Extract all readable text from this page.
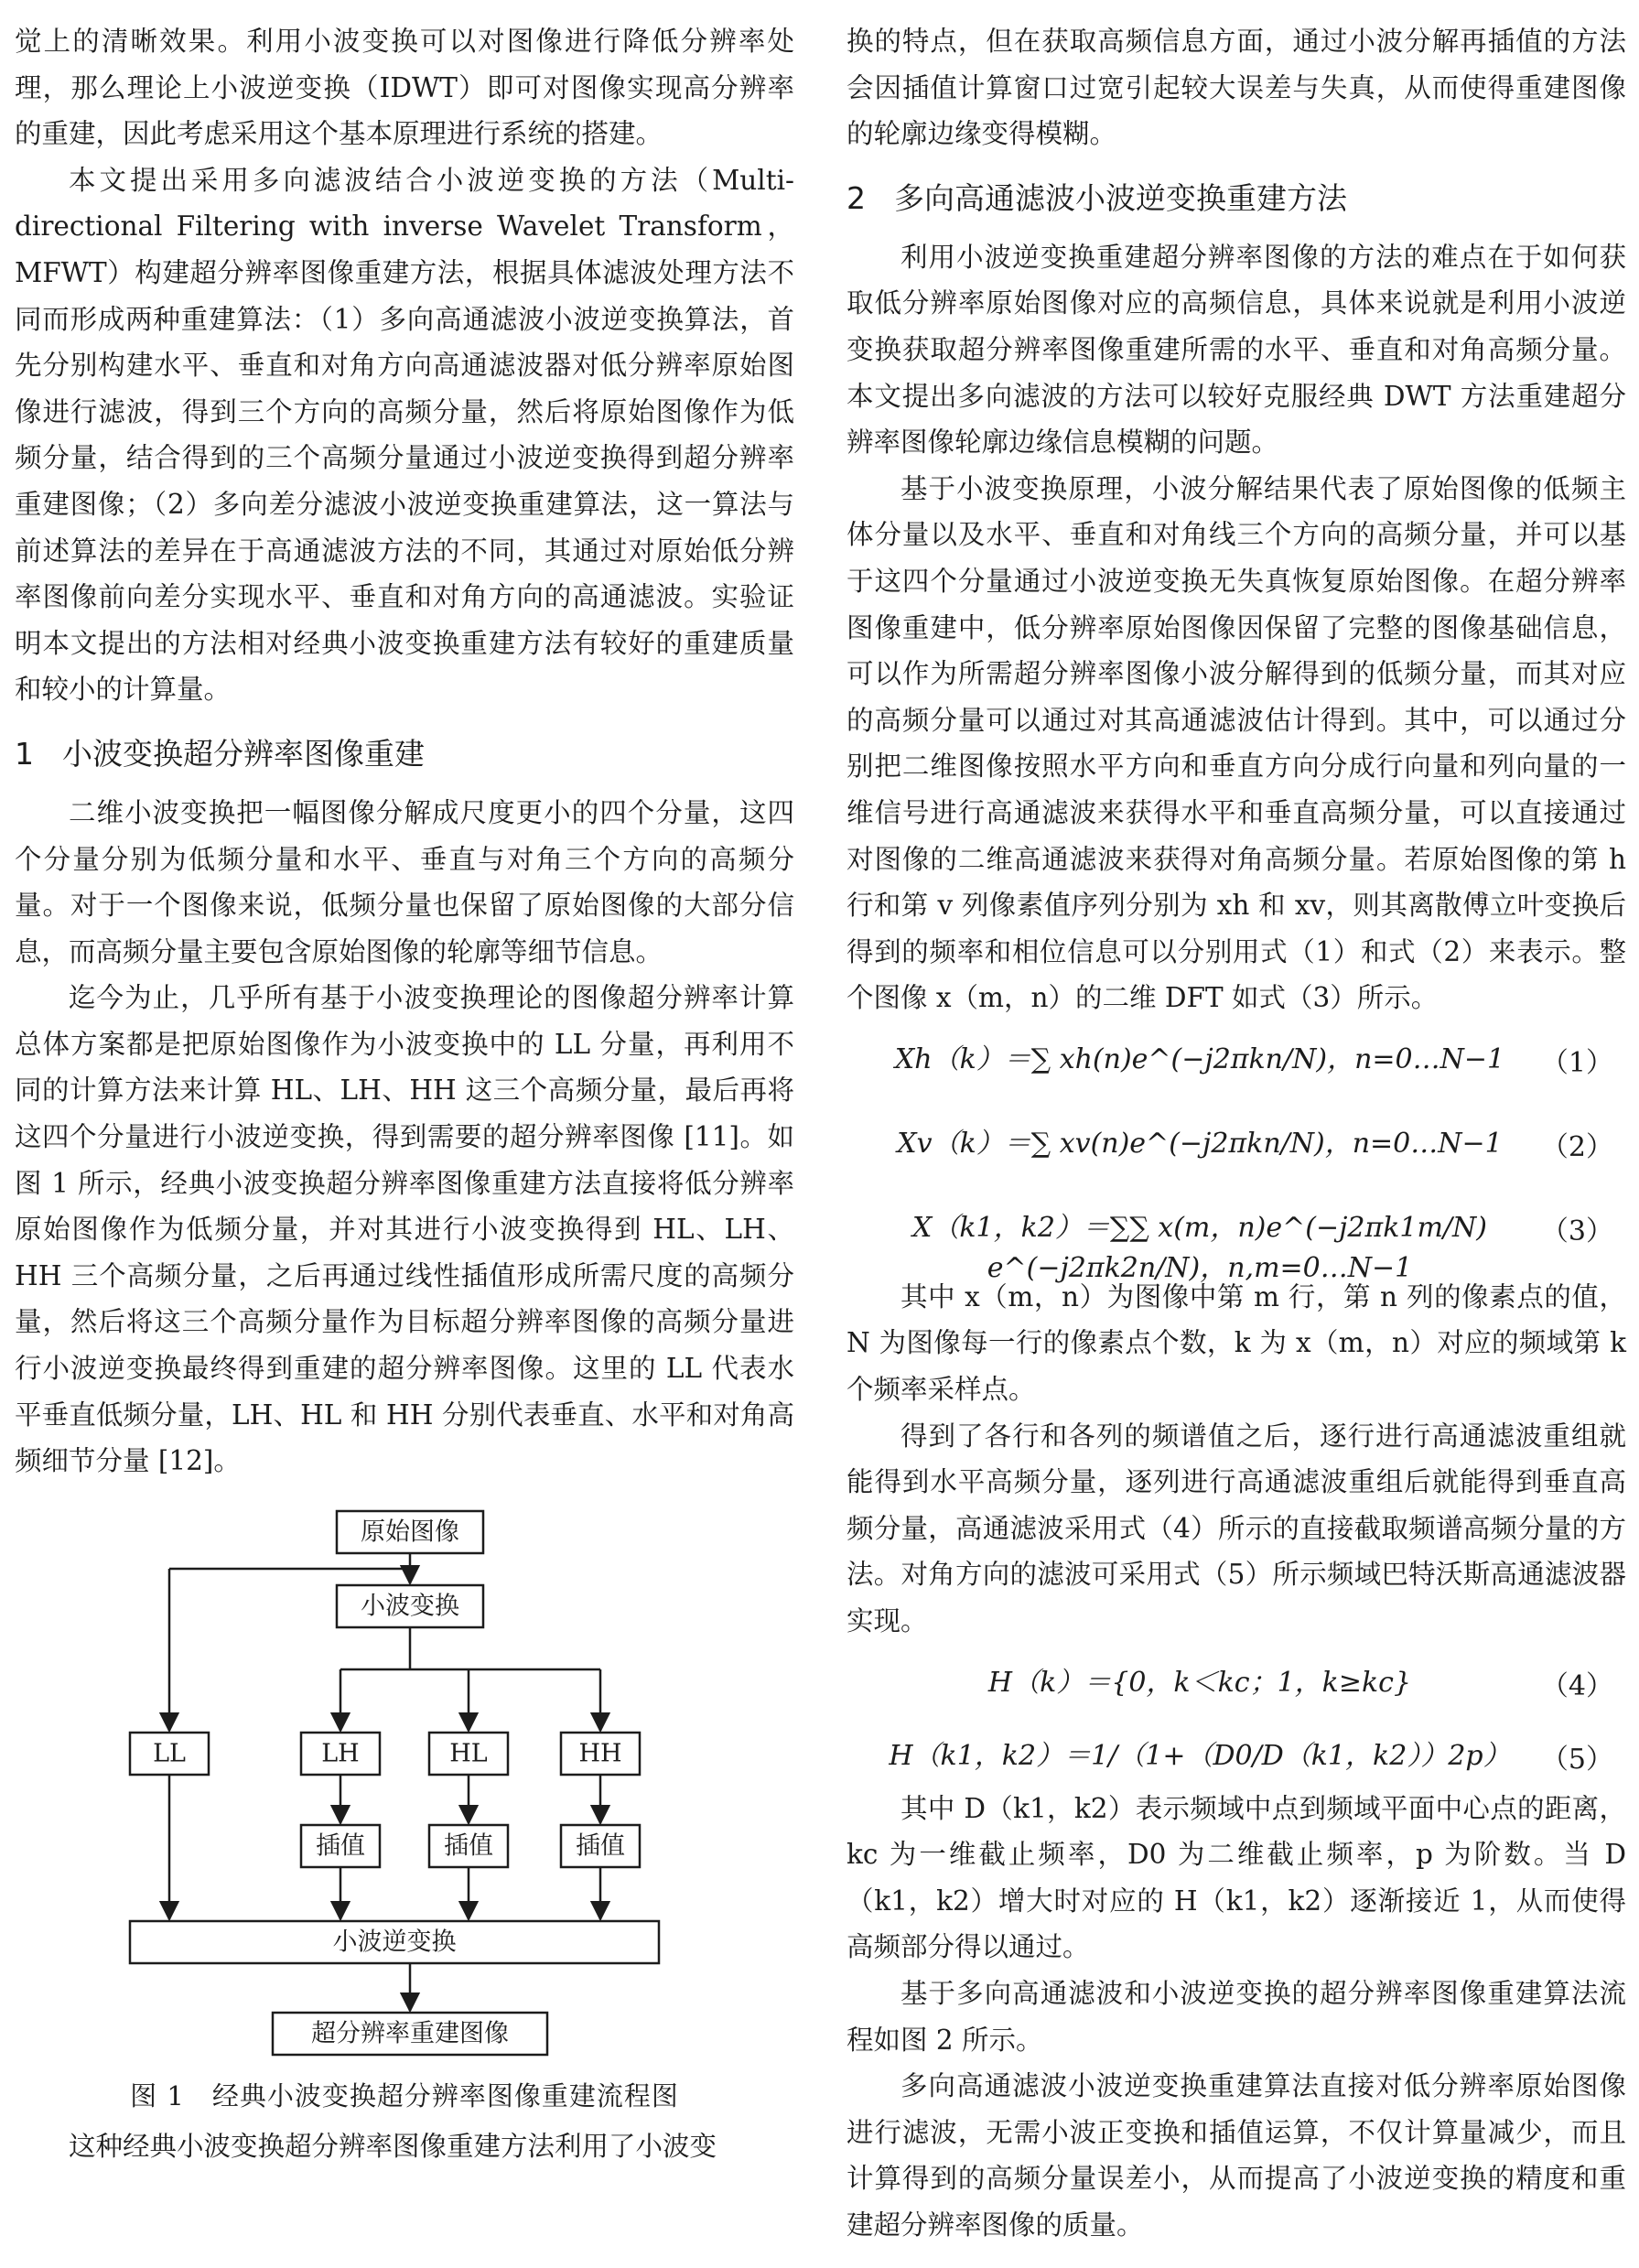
觉上的清晰效果。利用小波变换可以对图像进行降低分辨率处理，那么理论上小波逆变换（IDWT）即可对图像实现高分辨率的重建，因此考虑采用这个基本原理进行系统的搭建。

本文提出采用多向滤波结合小波逆变换的方法（Multi-directional Filtering with inverse Wavelet Transform，MFWT）构建超分辨率图像重建方法，根据具体滤波处理方法不同而形成两种重建算法：（1）多向高通滤波小波逆变换算法，首先分别构建水平、垂直和对角方向高通滤波器对低分辨率原始图像进行滤波，得到三个方向的高频分量，然后将原始图像作为低频分量，结合得到的三个高频分量通过小波逆变换得到超分辨率重建图像；（2）多向差分滤波小波逆变换重建算法，这一算法与前述算法的差异在于高通滤波方法的不同，其通过对原始低分辨率图像前向差分实现水平、垂直和对角方向的高通滤波。实验证明本文提出的方法相对经典小波变换重建方法有较好的重建质量和较小的计算量。

1 小波变换超分辨率图像重建

二维小波变换把一幅图像分解成尺度更小的四个分量，这四个分量分别为低频分量和水平、垂直与对角三个方向的高频分量。对于一个图像来说，低频分量也保留了原始图像的大部分信息，而高频分量主要包含原始图像的轮廓等细节信息。

迄今为止，几乎所有基于小波变换理论的图像超分辨率计算总体方案都是把原始图像作为小波变换中的 LL 分量，再利用不同的计算方法来计算 HL、LH、HH 这三个高频分量，最后再将这四个分量进行小波逆变换，得到需要的超分辨率图像 [11]。如图 1 所示，经典小波变换超分辨率图像重建方法直接将低分辨率原始图像作为低频分量，并对其进行小波变换得到 HL、LH、HH 三个高频分量，之后再通过线性插值形成所需尺度的高频分量，然后将这三个高频分量作为目标超分辨率图像的高频分量进行小波逆变换最终得到重建的超分辨率图像。这里的 LL 代表水平垂直低频分量，LH、HL 和 HH 分别代表垂直、水平和对角高频细节分量 [12]。

原始图像
小波变换
LL	LH	HL	HH
插值	插值	插值
小波逆变换
超分辨率重建图像
图 1　经典小波变换超分辨率图像重建流程图

这种经典小波变换超分辨率图像重建方法利用了小波变

换的特点，但在获取高频信息方面，通过小波分解再插值的方法会因插值计算窗口过宽引起较大误差与失真，从而使得重建图像的轮廓边缘变得模糊。

2 多向高通滤波小波逆变换重建方法

利用小波逆变换重建超分辨率图像的方法的难点在于如何获取低分辨率原始图像对应的高频信息，具体来说就是利用小波逆变换获取超分辨率图像重建所需的水平、垂直和对角高频分量。本文提出多向滤波的方法可以较好克服经典 DWT 方法重建超分辨率图像轮廓边缘信息模糊的问题。

基于小波变换原理，小波分解结果代表了原始图像的低频主体分量以及水平、垂直和对角线三个方向的高频分量，并可以基于这四个分量通过小波逆变换无失真恢复原始图像。在超分辨率图像重建中，低分辨率原始图像因保留了完整的图像基础信息，可以作为所需超分辨率图像小波分解得到的低频分量，而其对应的高频分量可以通过对其高通滤波估计得到。其中，可以通过分别把二维图像按照水平方向和垂直方向分成行向量和列向量的一维信号进行高通滤波来获得水平和垂直高频分量，可以直接通过对图像的二维高通滤波来获得对角高频分量。若原始图像的第 h 行和第 v 列像素值序列分别为 xh 和 xv，则其离散傅立叶变换后得到的频率和相位信息可以分别用式（1）和式（2）来表示。整个图像 x（m，n）的二维 DFT 如式（3）所示。

Xh（k）＝∑ xh(n)e^(−j2πkn/N)，n=0…N−1	（1）
Xv（k）＝∑ xv(n)e^(−j2πkn/N)，n=0…N−1	（2）
X（k1，k2）＝∑∑ x(m，n)e^(−j2πk1m/N) e^(−j2πk2n/N)，n,m=0…N−1
（3）

其中 x（m，n）为图像中第 m 行，第 n 列的像素点的值，N 为图像每一行的像素点个数，k 为 x（m，n）对应的频域第 k 个频率采样点。

得到了各行和各列的频谱值之后，逐行进行高通滤波重组就能得到水平高频分量，逐列进行高通滤波重组后就能得到垂直高频分量，高通滤波采用式（4）所示的直接截取频谱高频分量的方法。对角方向的滤波可采用式（5）所示频域巴特沃斯高通滤波器实现。

H（k）＝{0，k＜kc；1，k≥kc}	（4）
H（k1，k2）＝1/（1+（D0/D（k1，k2））2p）	（5）

其中 D（k1，k2）表示频域中点到频域平面中心点的距离，kc 为一维截止频率，D0 为二维截止频率，p 为阶数。当 D（k1，k2）增大时对应的 H（k1，k2）逐渐接近 1，从而使得高频部分得以通过。

基于多向高通滤波和小波逆变换的超分辨率图像重建算法流程如图 2 所示。

多向高通滤波小波逆变换重建算法直接对低分辨率原始图像进行滤波，无需小波正变换和插值运算，不仅计算量减少，而且计算得到的高频分量误差小，从而提高了小波逆变换的精度和重建超分辨率图像的质量。
